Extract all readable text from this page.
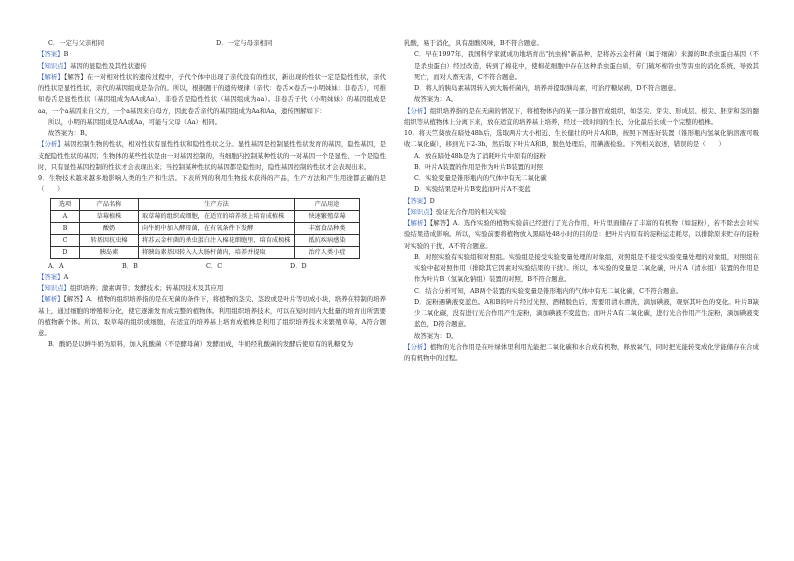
C．一定与父亲相同	D．一定与母亲相同

【答案】B

【知识点】基因的显隐性及其性状遗传

【解析】【解答】在一对相对性状的遗传过程中，子代个体中出现了亲代没有的性状，新出现的性状一定是隐性性状，亲代的性状是显性性状，亲代的基因组成是杂合的。所以，根据题干的遗传规律（亲代：卷舌×卷舌→小明妹妹：非卷舌），可推知卷舌是显性性状（基因组成为AA或Aa），非卷舌是隐性性状（基因组成为aa）。非卷舌子代（小明妹妹）的基因组成是aa，一个a基因来自父方，一个a基因来自母方，因此卷舌亲代的基因组成为Aa和Aa，遗传图解如下：

所以，小明的基因组成是AA或Aa，可能与父母（Aa）相同。

故答案为：B。

【分析】基因控制生物的性状，相对性状有显性性状和隐性性状之分。显性基因是控制显性性状发育的基因，隐性基因，是支配隐性性状的基因；生物体的某些性状是由一对基因控制的，当细胞内控制某种性状的一对基因一个是显性、一个是隐性时，只有显性基因控制的性状才会表现出来；当控制某种性状的基因都是隐性时，隐性基因控制的性状才会表现出来。

9．生物技术越来越多地影响人类的生产和生活。下表所列的利用生物技术获得的产品，生产方法和产生用途都正确的是（　　）

选项	产品名称	生产方法	产品用途
A	草莓植株	取草莓的组织或细胞，在适宜的培养基上培育成植株	快速繁殖草莓
B	酸奶	向牛奶中加入酵母菌，在有氧条件下发酵	丰富食品种类
C	转基因抗虫棉	将苏云金杆菌的杀虫蛋白注入棉花细胞里，培育成植株	抵抗疾病感染
D	胰岛素	将胰岛素基因转入人大肠杆菌内，培养并提取	治疗人类小症
A．A	B．B	C．C	D．D

【答案】A

【知识点】组织培养；激素调节；发酵技术；转基因技术及其应用

【解析】【解答】A．植物的组织培养指的是在无菌的条件下，将植物的茎尖、茎段或是叶片等切成小块，培养在特制的培养基上，通过细胞的增殖和分化，使它逐渐发育成完整的植物体。利用组织培养技术，可以在短时间内大批量的培育出所需要的植物新个体。所以，取草莓的组织或细胞，在适宜的培养基上培育成植株是利用了组织培养技术来繁殖草莓，A符合题意。

B．酸奶是以鲜牛奶为原料，加入乳酸菌（不是酵母菌）发酵而成，牛奶经乳酸菌的发酵后使原有的乳糖变为

乳酸，易于消化，具有甜酸风味，B不符合题意。

C．早在1997年，我国科学家就成功地培育出"抗虫棉"新品种，是将苏云金杆菌（属于细菌）来源的Bt杀虫蛋白基因（不是杀虫蛋白）经过改造，转到了棉花中，使棉花细胞中存在这种杀虫蛋白质，专门破坏棉铃虫等害虫的消化系统，导致其死亡，而对人畜无害，C不符合题意。

D．将人的胰岛素基因转入到大肠杆菌内，培养并提取胰岛素，可治疗糖尿病，D不符合题意。

故答案为：A。

【分析】组织培养指的是在无菌的情况下，将植物体内的某一部分器官或组织，如茎尖、芽尖、形成层、根尖、胚芽和茎的髓组织等从植物体上分离下来，放在适宜的培养基上培养，经过一段时间的生长、分化最后长成一个完整的植株。

10．将天竺葵放在暗处48h后，选取两片大小相近、生长健壮的叶片A和B，按照下图连好装置（锥形瓶内氢氧化钠溶液可吸收二氧化碳），移到光下2-3h，然后取下叶片A和B，脱色处理后，用碘液检验。下列相关叙述，错误的是（　　）

A．放在暗处48h是为了消耗叶片中原有的淀粉

B．叶片A装置的作用是作为叶片B装置的对照

C．实验变量是锥形瓶内的气体中有无二氧化碳

D．实验结果是叶片B变蓝而叶片A不变蓝

【答案】D

【知识点】验证光合作用的相关实验

【解析】【解答】A．选作实验的植物实验前已经进行了光合作用，叶片里面储存了丰富的有机物（如淀粉），若不除去会对实验结果造成影响。所以，实验前要将植物放入黑暗处48小时的目的是：把叶片内原有的淀粉运走耗尽，以排除原来贮存的淀粉对实验的干扰，A不符合题意。

B．对照实验有实验组和对照组。实验组是接受实验变量处理的对象组，对照组是不接受实验变量处理的对象组，对照组在实验中起对照作用（排除其它因素对实验结果的干扰）。所以，本实验的变量是二氧化碳，叶片A（清水组）装置的作用是作为叶片B（氢氧化钠组）装置的对照，B不符合题意。

C．结合分析可知，AB两个装置的实验变量是锥形瓶内的气体中有无二氧化碳，C不符合题意。

D．淀粉遇碘液变蓝色。A和B的叶片经过光照、酒精脱色后，需要用清水漂洗，滴加碘液，观察其叶色的变化。叶片B缺少二氧化碳，没有进行光合作用产生淀粉，滴加碘液不变蓝色；而叶片A有二氧化碳，进行光合作用产生淀粉，滴加碘液变蓝色，D符合题意。

故答案为：D。

【分析】植物的光合作用是在叶绿体里利用光能把二氧化碳和水合成有机物，释放氧气，同时把光能转变成化学能储存在合成的有机物中的过程。
